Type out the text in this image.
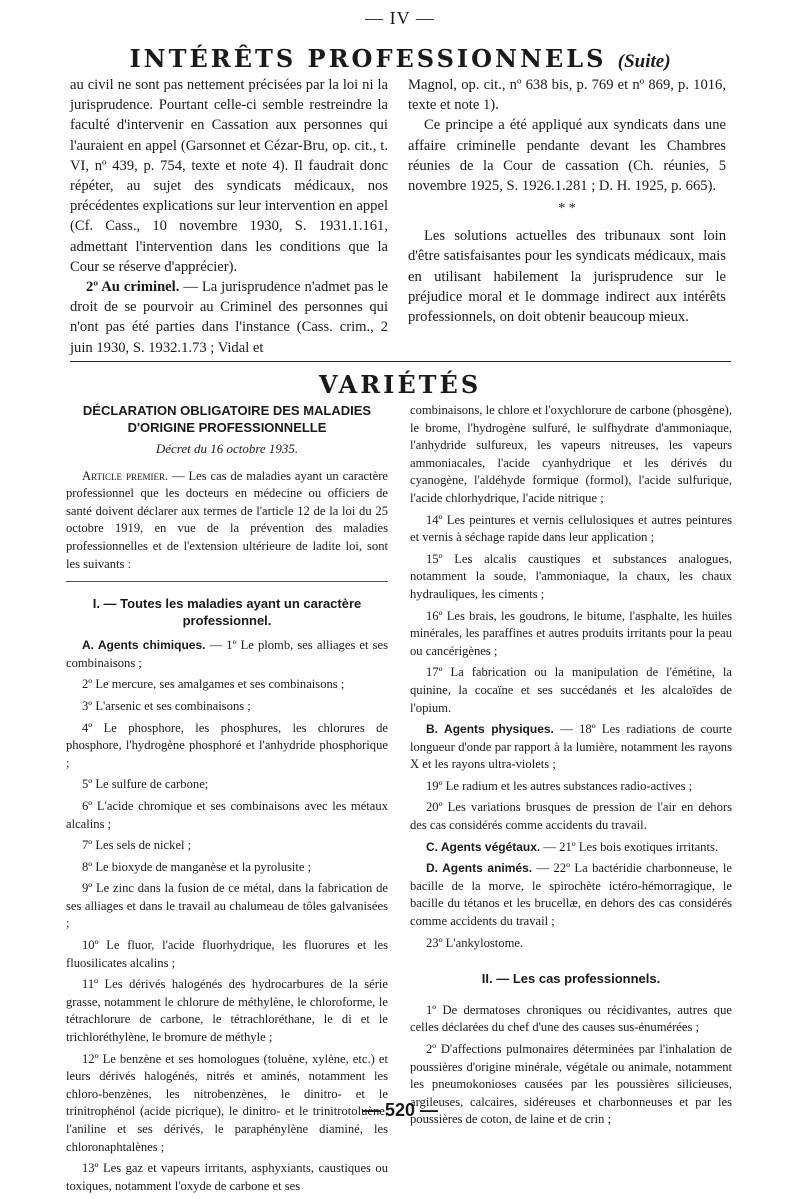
— IV —
INTÉRÊTS PROFESSIONNELS (Suite)

au civil ne sont pas nettement précisées par la loi ni la jurisprudence. Pourtant celle-ci semble restreindre la faculté d'intervenir en Cassation aux personnes qui l'auraient en appel (Garsonnet et Cézar-Bru, op. cit., t. VI, nº 439, p. 754, texte et note 4). Il faudrait donc répéter, au sujet des syndicats médicaux, nos précédentes explications sur leur intervention en appel (Cf. Cass., 10 novembre 1930, S. 1931.1.161, admettant l'intervention dans les conditions que la Cour se réserve d'apprécier).

2º Au criminel. — La jurisprudence n'admet pas le droit de se pourvoir au Criminel des personnes qui n'ont pas été parties dans l'instance (Cass. crim., 2 juin 1930, S. 1932.1.73 ; Vidal et

Magnol, op. cit., nº 638 bis, p. 769 et nº 869, p. 1016, texte et note 1).

Ce principe a été appliqué aux syndicats dans une affaire criminelle pendante devant les Chambres réunies de la Cour de cassation (Ch. réunies, 5 novembre 1925, S. 1926.1.281 ; D. H. 1925, p. 665).

* *

Les solutions actuelles des tribunaux sont loin d'être satisfaisantes pour les syndicats médicaux, mais en utilisant habilement la jurisprudence sur le préjudice moral et le dommage indirect aux intérêts professionnels, on doit obtenir beaucoup mieux.

VARIÉTÉS

DÉCLARATION OBLIGATOIRE DES MALADIES D'ORIGINE PROFESSIONNELLE

Décret du 16 octobre 1935.

Article premier. — Les cas de maladies ayant un caractère professionnel que les docteurs en médecine ou officiers de santé doivent déclarer aux termes de l'article 12 de la loi du 25 octobre 1919, en vue de la prévention des maladies professionnelles et de l'extension ultérieure de ladite loi, sont les suivants :

I. — Toutes les maladies ayant un caractère professionnel.

A. Agents chimiques. — 1º Le plomb, ses alliages et ses combinaisons ;

2º Le mercure, ses amalgames et ses combinaisons ;

3º L'arsenic et ses combinaisons ;

4º Le phosphore, les phosphures, les chlorures de phosphore, l'hydrogène phosphoré et l'anhydride phosphorique ;

5º Le sulfure de carbone;

6º L'acide chromique et ses combinaisons avec les métaux alcalins ;

7º Les sels de nickel ;

8º Le bioxyde de manganèse et la pyrolusite ;

9º Le zinc dans la fusion de ce métal, dans la fabrication de ses alliages et dans le travail au chalumeau de tôles galvanisées ;

10º Le fluor, l'acide fluorhydrique, les fluorures et les fluosilicates alcalins ;

11º Les dérivés halogénés des hydrocarbures de la série grasse, notamment le chlorure de méthylène, le chloroforme, le tétrachlorure de carbone, le tétrachloréthane, le di et le trichloréthylène, le bromure de méthyle ;

12º Le benzène et ses homologues (toluène, xylène, etc.) et leurs dérivés halogénés, nitrés et aminés, notamment les chloro-benzènes, les nitrobenzènes, le dinitro- et le trinitrophénol (acide picrique), le dinitro- et le trinitrotoluène, l'aniline et ses dérivés, le paraphénylène diaminé, les chloronaphtalènes ;

13º Les gaz et vapeurs irritants, asphyxiants, caustiques ou toxiques, notamment l'oxyde de carbone et ses

combinaisons, le chlore et l'oxychlorure de carbone (phosgène), le brome, l'hydrogène sulfuré, le sulfhydrate d'ammoniaque, l'anhydride sulfureux, les vapeurs nitreuses, les vapeurs ammoniacales, l'acide cyanhydrique et les dérivés du cyanogène, l'aldéhyde formique (formol), l'acide sulfurique, l'acide chlorhydrique, l'acide nitrique ;

14º Les peintures et vernis cellulosiques et autres peintures et vernis à séchage rapide dans leur application ;

15º Les alcalis caustiques et substances analogues, notamment la soude, l'ammoniaque, la chaux, les chaux hydrauliques, les ciments ;

16º Les brais, les goudrons, le bitume, l'asphalte, les huiles minérales, les paraffines et autres produits irritants pour la peau ou cancérigènes ;

17º La fabrication ou la manipulation de l'émétine, la quinine, la cocaïne et ses succédanés et les alcaloïdes de l'opium.

B. Agents physiques. — 18º Les radiations de courte longueur d'onde par rapport à la lumière, notamment les rayons X et les rayons ultra-violets ;

19º Le radium et les autres substances radio-actives ;

20º Les variations brusques de pression de l'air en dehors des cas considérés comme accidents du travail.

C. Agents végétaux. — 21º Les bois exotiques irritants.

D. Agents animés. — 22º La bactéridie charbonneuse, le bacille de la morve, le spirochète ictéro-hémorragique, le bacille du tétanos et les brucellæ, en dehors des cas considérés comme accidents du travail ;

23º L'ankylostome.

II. — Les cas professionnels.

1º De dermatoses chroniques ou récidivantes, autres que celles déclarées du chef d'une des causes sus-énumérées ;

2º D'affections pulmonaires déterminées par l'inhalation de poussières d'origine minérale, végétale ou animale, notamment les pneumokonioses causées par les poussières silicieuses, argileuses, calcaires, sidéreuses et charbonneuses et par les poussières de coton, de laine et de crin ;

— 520 —
